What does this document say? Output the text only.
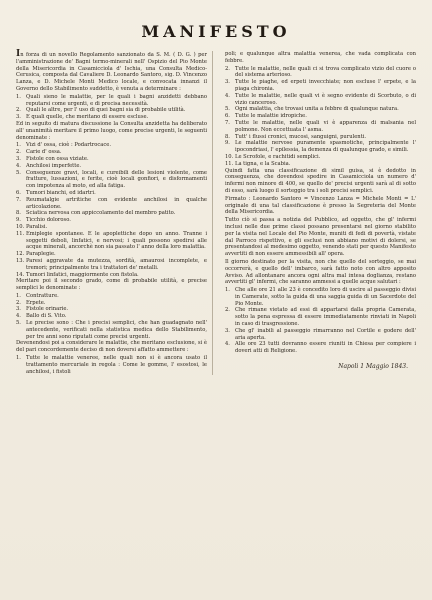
MANIFESTO

In forza di un novello Regolamento sanzionato da S. M. ( D. G. ) per l'amministrazione de' Bagni termo-minerali nell' Ospizio del Pio Monte della Misericordia in Casamicciola d' Ischia, una Consulta Medico-Cerusica, composta dal Cavaliere D. Leonardo Santoro, sig. D. Vincenzo Lanza, e D. Michele Monti Medico locale, e convocata innanzi il Governo dello Stabilimento suddetto, è venuta a determinare :

1. Quali sieno le malattie, per le quali i bagni anzidetti debbano reputarsi come urgenti, e di precisa necessità.
2. Quali le altre, per l' uso di quei bagni sia di probabile utilità.
3. E quali quelle, che meritano di essere escluse.

Ed in seguito di matura discussione la Consulta anzidetta ha deliberato all' unanimità meritare il primo luogo, come precise urgenti, le seguenti denominate :

1. Vizi d' ossa, cioè : Podartrocace.
2. Carie d' ossa.
3. Fistole con ossa viziate.
4. Anchilosi imperfette.
5. Conseguenze gravi, locali, e cureibili delle lesioni violente, come fratture, lussazioni, e ferite, cioè locali gonfiori, e disformamenti con impotenza al moto, ed alla fatiga.
6. Tumori bianchi, ed idartri.
7. Reumatalgie artritiche con evidente anchilosi in qualche articolazione.
8. Sciatica nervosa con appiccolamento del membro patito.
9. Ticchio doloroso.
10. Paralisi.
11. Emiplegie spontanee. E le apoplettiche dopo un anno. Tranne i soggetti deboli, linfatici, e nervosi; i quali possono spedirsi alle acque minerali, ancorchè non sia passato l' anno della loro malattia.
12. Paraplegie.
13. Paresi aggravate da mutezza, sordità, amaurosi incomplete, e tremori; principalmente tra i trattatori de' metalli.
14. Tumori linfatici, maggiormente con fistola.

Meritare poi il secondo grado, come di probabile utilità, e precise semplici le denominate :

1. Contratture.
2. Erpete.
3. Fistole orinarie.
4. Ballo di S. Vito.
5. Le precise sono : Che i precisi semplici, che han guadagnato nell' antecedente, verificati nella statistica medica dello Stabilimento, per tre anni sono riputati come precisi urgenti.

Devenendosi poi a considerare le malattie, che meritano esclusione, si è del pari concordemente deciso di non doversi affatto ammettere :

1. Tutte le malattie veneree, nelle quali non si è ancora usato il trattamento mercuriale in regola : Come le gomme, l' esostosi, le anchilosi, i fistoli

poli; e qualunque altra malattia venerea, che vada complicata con febbre.

2. Tutte le malattie, nelle quali ci si trova complicato vizio del cuore o del sistema arterioso.
3. Tutte le piaghe, ed erpeti invecchiate; non escluse l' erpete, e la piaga chironia.
4. Tutte le malattie, nelle quali vi è segno evidente di Scorbuto, o di vizio canceroso.
5. Ogni malattia, che trovasi unita a febbre di qualunque natura.
6. Tutte le malattie idropiche.
7. Tutte le malattie, nelle quali vi è apparenza di malsania nel polmone. Non eccettuata l' asma.
8. Tutt' i flussi cronici, mucosi, sanguigni, purulenti.
9. Le malattie nervose puramente spasmotiche, principalmente l' ipocondriasi, l' epilessia, la demenza di qualunque grado, e simili.
10. Le Scrofole, e rachitidi semplici.
11. La tigna, e la Scabia.

Quindi fatta una classificazione di simil guisa, si è dedotto in conseguenza, che dovendosi spedire in Casamicciola un numero d' infermi non minore di 400, se quello de' precisi urgenti sarà al di sotto di esso, sarà luogo il sorteggio tra i soli precisi semplici.

Firmato : Leonardo Santoro = Vincenzo Lanza = Michele Monti = L' originale di una tal classificazione è presso la Segreteria del Monte della Misericordia.

Tutto ciò si passa a notizia del Pubblico, ad oggetto, che gl' infermi inclusi nelle due prime classi possano presentarsi nel giorno stabilito per la visita nel Locale del Pio Monte, muniti di fedi di povertà, vistate dal Parroco rispettivo, e gli esclusi non abbiano motivi di dolersi, se presentandosi al medesimo oggetto, venendo stati per questo Manifesto avvertiti di non essere ammessibili all' opera.

Il giorno destinato per la visita, non che quello del sorteggio, se mai occorrerà, e quello dell' imbarco, sarà fatto noto con altro apposito Avviso. Ad allontanare ancora ogni altra mal intesa doglianza, restano avvertiti gl' infermi, che saranno ammessi a quelle acque salutari :

1. Che alle ore 21 alle 23 è concedito loro di uscire al passeggio divisi in Camerate, sotto la guida di una saggia guida di un Sacerdote del Pio Monte.
2. Che rimane vietato ad essi di appartarsi dalla propria Camerata, sotto la pena espressa di essere immediatamente rinviati in Napoli in caso di trasgressione.
3. Che gl' inabili al passeggio rimarranno nel Cortile e godere dell' aria aperta.
4. Alle ore 23 tutti dovranno essere riuniti in Chiesa per compiere i doveri atti di Religione.
Napoli 1 Maggio 1843.
